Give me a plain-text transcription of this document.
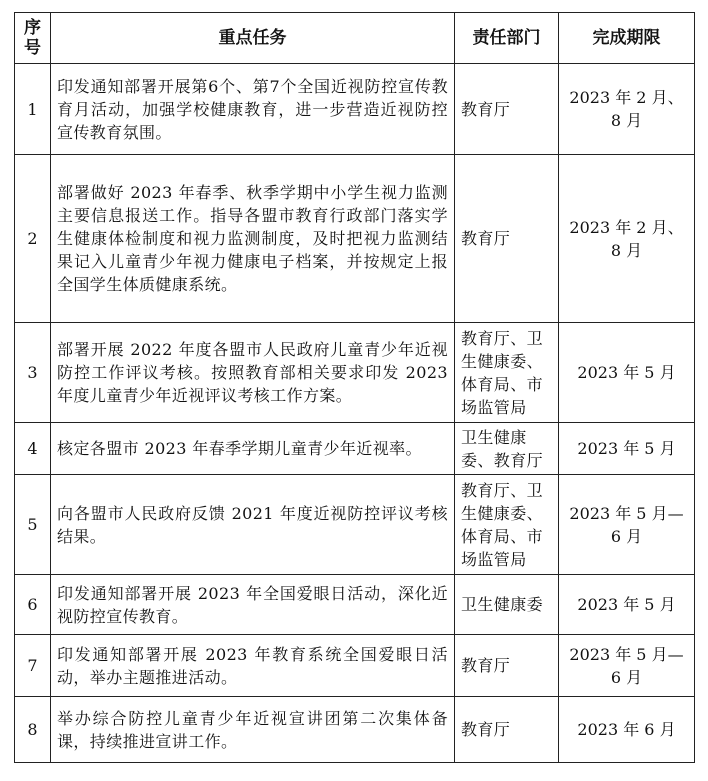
序号	重点任务	责任部门	完成期限
1	印发通知部署开展第6个、第7个全国近视防控宣传教育月活动，加强学校健康教育，进一步营造近视防控宣传教育氛围。	教育厅	2023 年 2 月、8 月
2	部署做好 2023 年春季、秋季学期中小学生视力监测主要信息报送工作。指导各盟市教育行政部门落实学生健康体检制度和视力监测制度，及时把视力监测结果记入儿童青少年视力健康电子档案，并按规定上报全国学生体质健康系统。	教育厅	2023 年 2 月、8 月
3	部署开展 2022 年度各盟市人民政府儿童青少年近视防控工作评议考核。按照教育部相关要求印发 2023 年度儿童青少年近视评议考核工作方案。	教育厅、卫生健康委、体育局、市场监管局	2023 年 5 月
4	核定各盟市 2023 年春季学期儿童青少年近视率。	卫生健康委、教育厅	2023 年 5 月
5	向各盟市人民政府反馈 2021 年度近视防控评议考核结果。	教育厅、卫生健康委、体育局、市场监管局	2023 年 5 月—6 月
6	印发通知部署开展 2023 年全国爱眼日活动，深化近视防控宣传教育。	卫生健康委	2023 年 5 月
7	印发通知部署开展 2023 年教育系统全国爱眼日活动，举办主题推进活动。	教育厅	2023 年 5 月—6 月
8	举办综合防控儿童青少年近视宣讲团第二次集体备课，持续推进宣讲工作。	教育厅	2023 年 6 月
